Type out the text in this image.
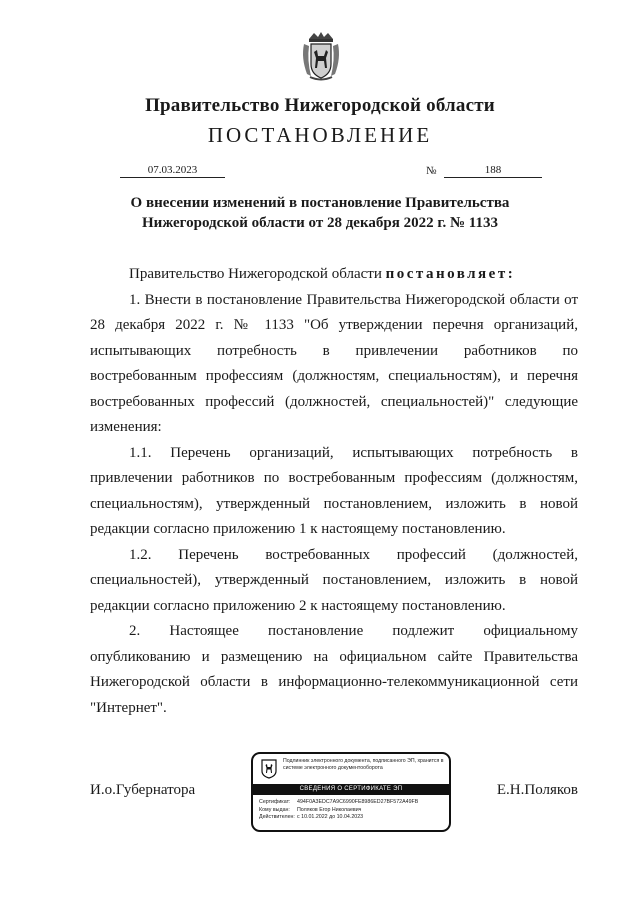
Правительство Нижегородской области
ПОСТАНОВЛЕНИЕ
07.03.2023	№	188
О внесении изменений в постановление Правительства
Нижегородской области от 28 декабря 2022 г. № 1133

Правительство Нижегородской области постановляет:

1. Внести в постановление Правительства Нижегородской области от 28 декабря 2022 г. № 1133 "Об утверждении перечня организаций, испытывающих потребность в привлечении работников по востребованным профессиям (должностям, специальностям), и перечня востребованных профессий (должностей, специальностей)" следующие изменения:

1.1. Перечень организаций, испытывающих потребность в привлечении работников по востребованным профессиям (должностям, специальностям), утвержденный постановлением, изложить в новой редакции согласно приложению 1 к настоящему постановлению.

1.2. Перечень востребованных профессий (должностей, специальностей), утвержденный постановлением, изложить в новой редакции согласно приложению 2 к настоящему постановлению.

2. Настоящее постановление подлежит официальному опубликованию и размещению на официальном сайте Правительства Нижегородской области в информационно-телекоммуникационной сети "Интернет".

И.о.Губернатора	Е.Н.Поляков
Подлинник электронного документа, подписанного ЭП, хранится в системе электронного документооборота
СВЕДЕНИЯ О СЕРТИФИКАТЕ ЭП
Сертификат: 494F0A3EDC7A9C6990FE8986ED27BF572A49FB
Кому выдан: Поляков Егор Николаевич
Действителен: с 10.01.2022 до 10.04.2023
